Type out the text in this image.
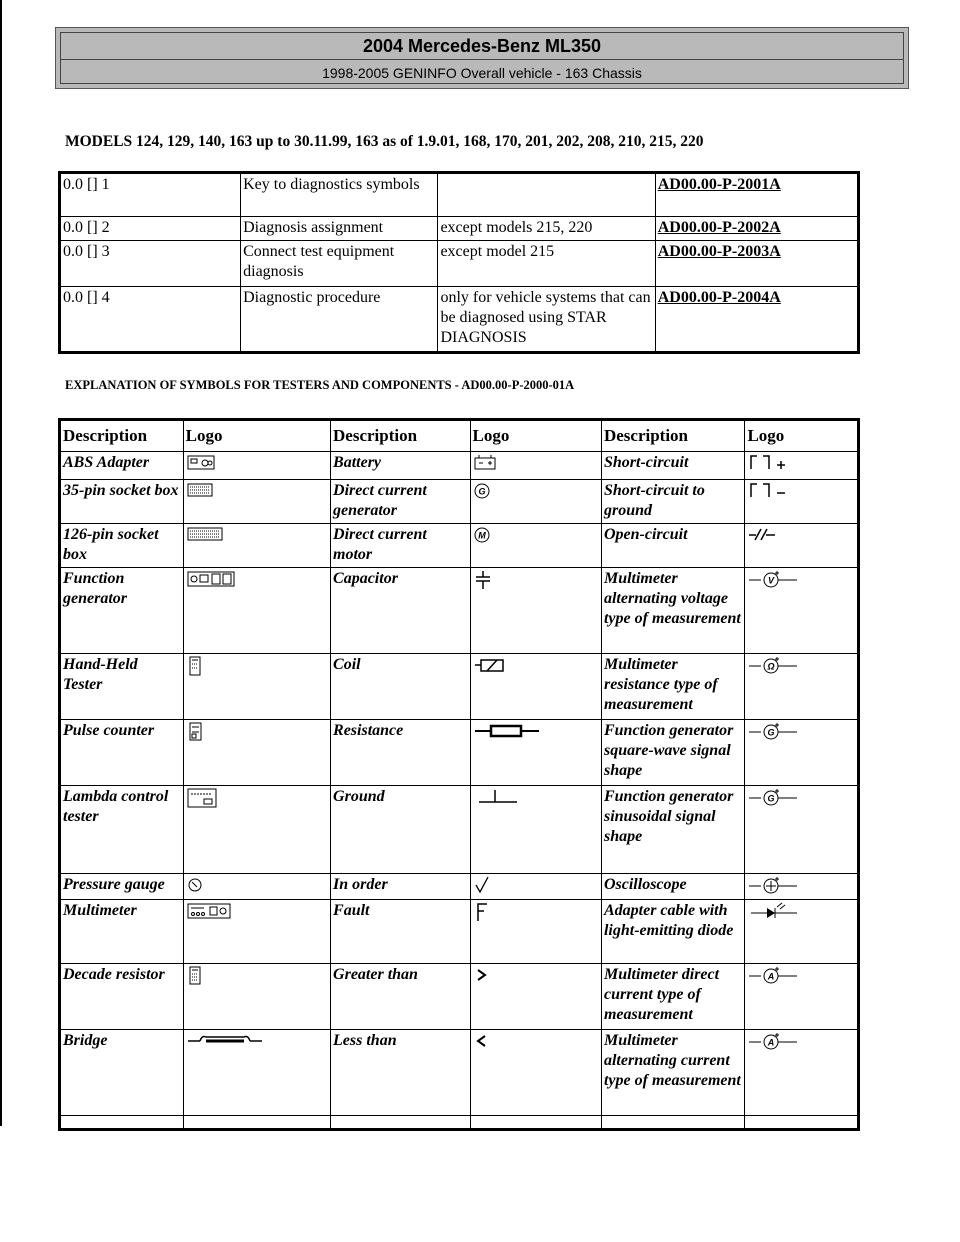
2004 Mercedes-Benz ML350
1998-2005 GENINFO Overall vehicle - 163 Chassis
MODELS 124, 129, 140, 163 up to 30.11.99, 163 as of 1.9.01, 168, 170, 201, 202, 208, 210, 215, 220
0.0 [] 1	Key to diagnostics symbols		AD00.00-P-2001A
0.0 [] 2	Diagnosis assignment	except models 215, 220	AD00.00-P-2002A
0.0 [] 3	Connect test equipment diagnosis	except model 215	AD00.00-P-2003A
0.0 [] 4	Diagnostic procedure	only for vehicle systems that can be diagnosed using STAR DIAGNOSIS	AD00.00-P-2004A
EXPLANATION OF SYMBOLS FOR TESTERS AND COMPONENTS - AD00.00-P-2000-01A
Description	Logo	Description	Logo	Description	Logo
ABS Adapter		Battery		Short-circuit	

35-pin socket box		Direct current generator	G	Short-circuit to ground	

126-pin socket box		Direct current motor	M	Open-circuit	

Function generator		Capacitor		Multimeter alternating voltage type of measurement	V

Hand-Held Tester		Coil		Multimeter resistance type of measurement	Ω

Pulse counter		Resistance		Function generator square-wave signal shape	G

Lambda control tester		Ground		Function generator sinusoidal signal shape	G

Pressure gauge		In order		Oscilloscope	

Multimeter		Fault		Adapter cable with light-emitting diode	

Decade resistor		Greater than		Multimeter direct current type of measurement	A

Bridge		Less than		Multimeter alternating current type of measurement	A
